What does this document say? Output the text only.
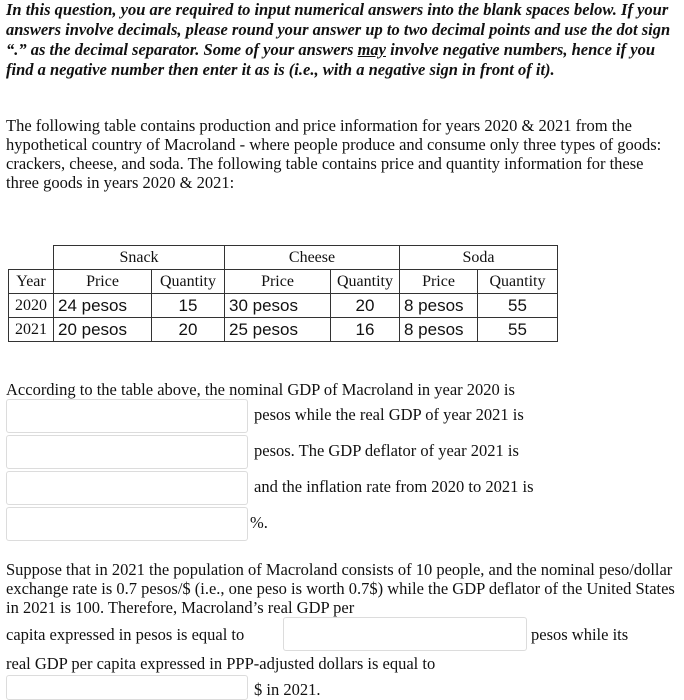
In this question, you are required to input numerical answers into the blank spaces below. If your answers involve decimals, please round your answer up to two decimal points and use the dot sign “.” as the decimal separator. Some of your answers may involve negative numbers, hence if you find a negative number then enter it as is (i.e., with a negative sign in front of it).
The following table contains production and price information for years 2020 & 2021 from the hypothetical country of Macroland - where people produce and consume only three types of goods: crackers, cheese, and soda. The following table contains price and quantity information for these three goods in years 2020 & 2021:
	Snack		Cheese		Soda	
Year	Price	Quantity	Price	Quantity	Price	Quantity
2020	24 pesos	15	30 pesos	20	8 pesos	55
2021	20 pesos	20	25 pesos	16	8 pesos	55
According to the table above, the nominal GDP of Macroland in year 2020 is
pesos while the real GDP of year 2021 is
pesos. The GDP deflator of year 2021 is
and the inflation rate from 2020 to 2021 is
%.
Suppose that in 2021 the population of Macroland consists of 10 people, and the nominal peso/dollar exchange rate is 0.7 pesos/$ (i.e., one peso is worth 0.7$) while the GDP deflator of the United States in 2021 is 100. Therefore, Macroland’s real GDP per
capita expressed in pesos is equal to	pesos while its
real GDP per capita expressed in PPP-adjusted dollars is equal to
$ in 2021.
